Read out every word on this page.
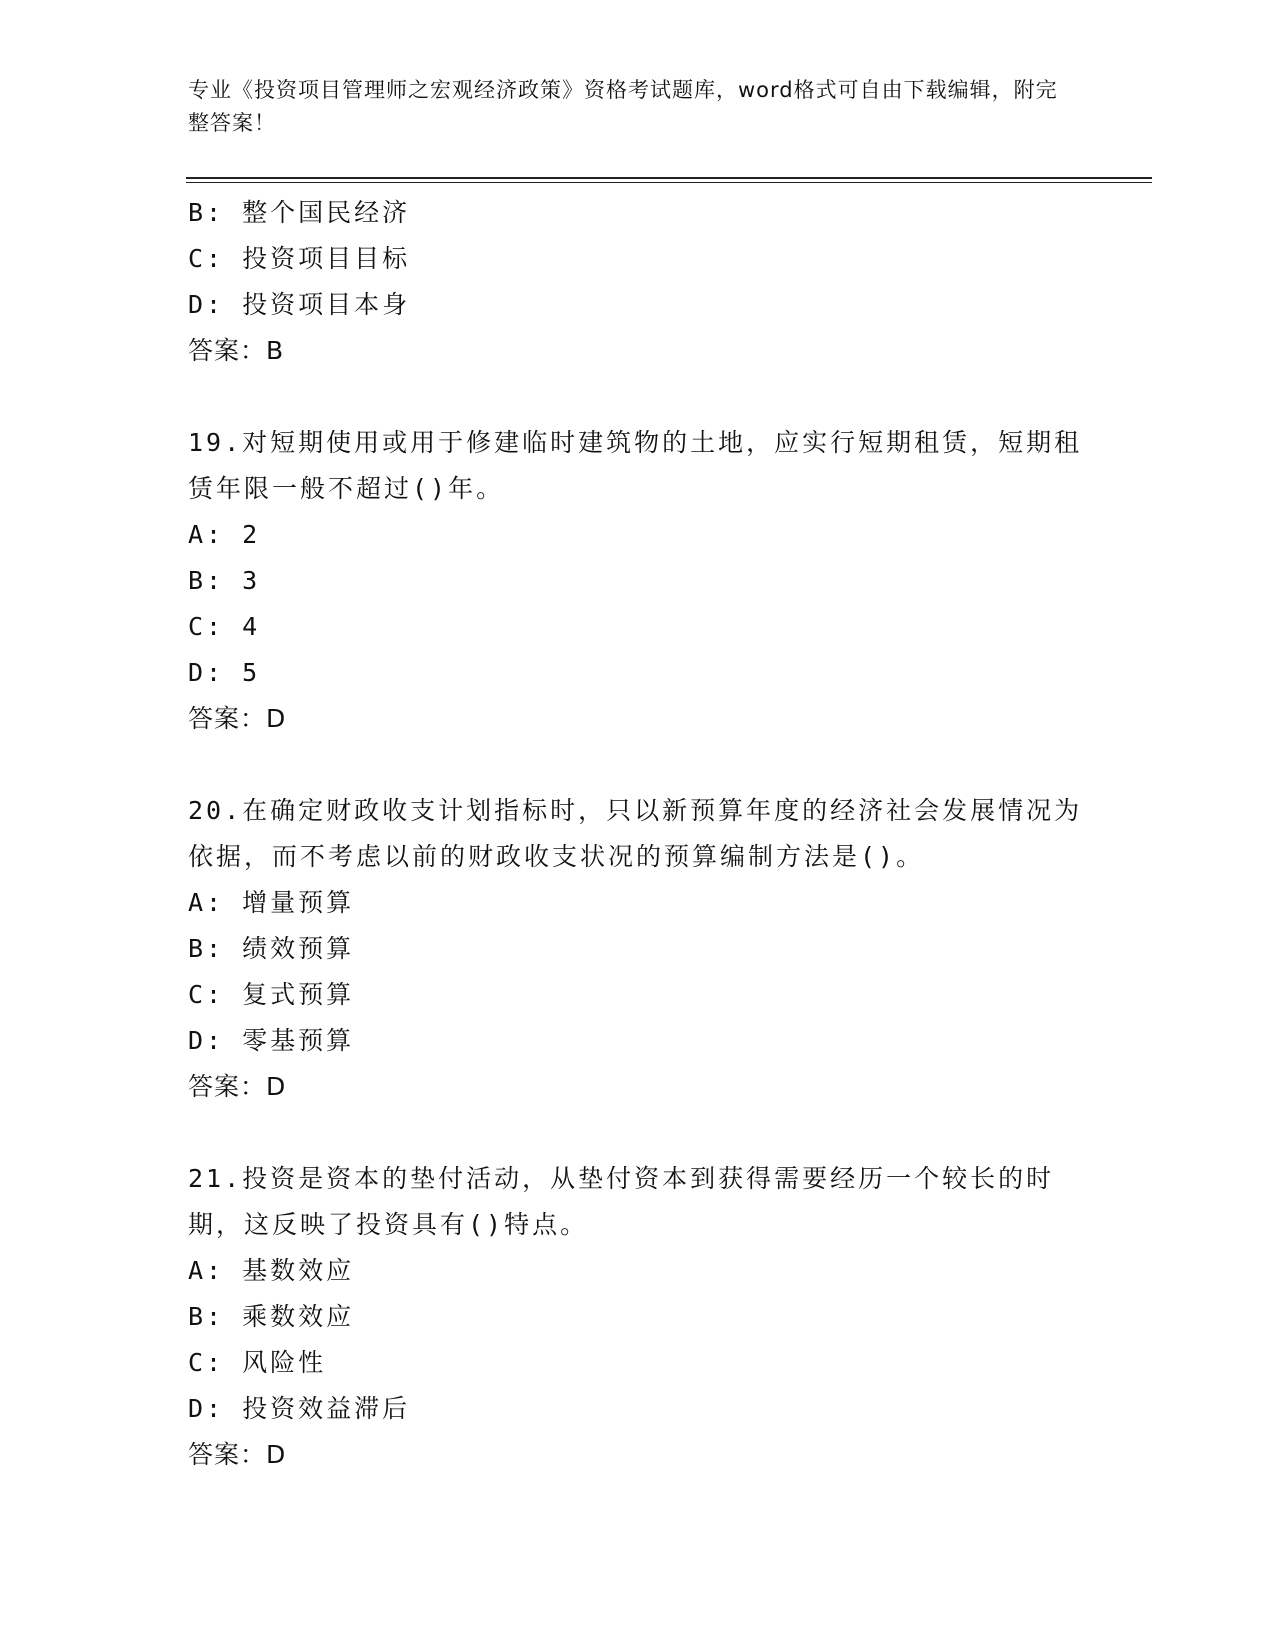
专业《投资项目管理师之宏观经济政策》资格考试题库，word格式可自由下载编辑，附完整答案！
B: 整个国民经济
C: 投资项目目标
D: 投资项目本身
答案：B
19.对短期使用或用于修建临时建筑物的土地，应实行短期租赁，短期租赁年限一般不超过()年。
A: 2
B: 3
C: 4
D: 5
答案：D
20.在确定财政收支计划指标时，只以新预算年度的经济社会发展情况为依据，而不考虑以前的财政收支状况的预算编制方法是()。
A: 增量预算
B: 绩效预算
C: 复式预算
D: 零基预算
答案：D
21.投资是资本的垫付活动，从垫付资本到获得需要经历一个较长的时期，这反映了投资具有()特点。
A: 基数效应
B: 乘数效应
C: 风险性
D: 投资效益滞后
答案：D
